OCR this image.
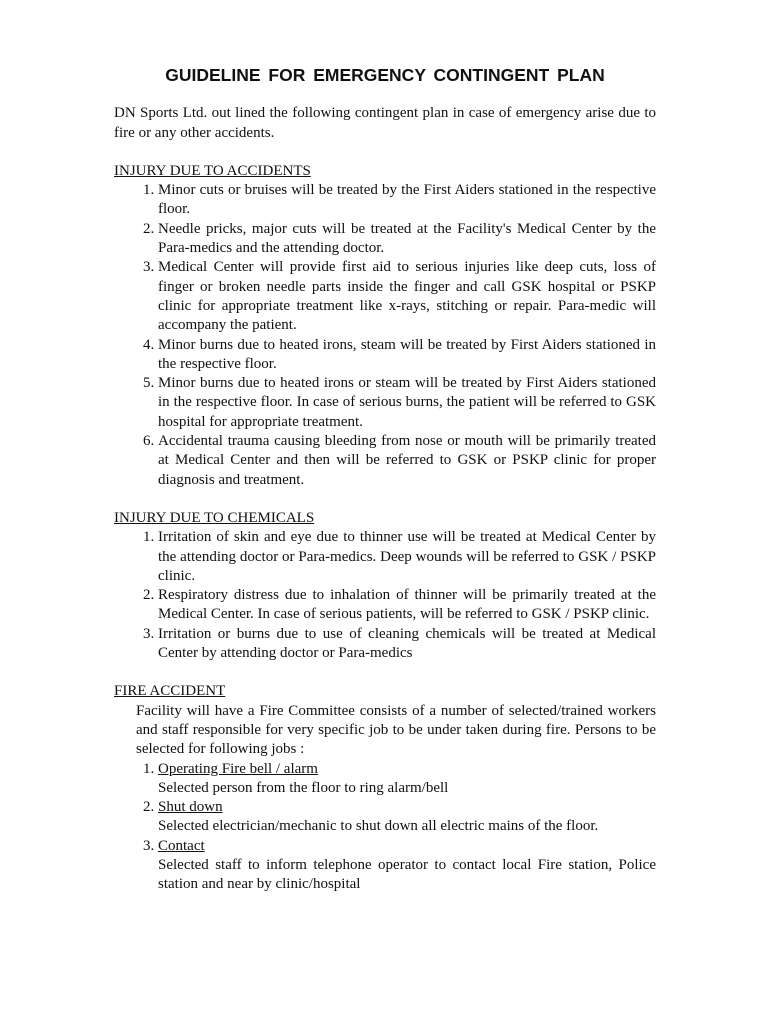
GUIDELINE FOR EMERGENCY CONTINGENT PLAN
DN Sports Ltd. out lined the following contingent plan in case of emergency arise due to fire or any other accidents.
INJURY DUE TO ACCIDENTS
1. Minor cuts or bruises will be treated by the First Aiders stationed in the respective floor.
2. Needle pricks, major cuts will be treated at the Facility's Medical Center by the Para-medics and the attending doctor.
3. Medical Center will provide first aid to serious injuries like deep cuts, loss of finger or broken needle parts inside the finger and call GSK hospital or PSKP clinic for appropriate treatment like x-rays, stitching or repair. Para-medic will accompany the patient.
4. Minor burns due to heated irons, steam will be treated by First Aiders stationed in the respective floor.
5. Minor burns due to heated irons or steam will be treated by First Aiders stationed in the respective floor. In case of serious burns, the patient will be referred to GSK hospital for appropriate treatment.
6. Accidental trauma causing bleeding from nose or mouth will be primarily treated at Medical Center and then will be referred to GSK or PSKP clinic for proper diagnosis and treatment.
INJURY DUE TO CHEMICALS
1. Irritation of skin and eye due to thinner use will be treated at Medical Center by the attending doctor or Para-medics. Deep wounds will be referred to GSK / PSKP clinic.
2. Respiratory distress due to inhalation of thinner will be primarily treated at the Medical Center. In case of serious patients, will be referred to GSK / PSKP clinic.
3. Irritation or burns due to use of cleaning chemicals will be treated at Medical Center by attending doctor or Para-medics
FIRE ACCIDENT
Facility will have a Fire Committee consists of a number of selected/trained workers and staff responsible for very specific job to be under taken during fire. Persons to be selected for following jobs :
1. Operating Fire bell / alarm
Selected person from the floor to ring alarm/bell
2. Shut down
Selected electrician/mechanic to shut down all electric mains of the floor.
3. Contact
Selected staff to inform telephone operator to contact local Fire station, Police station and near by clinic/hospital
